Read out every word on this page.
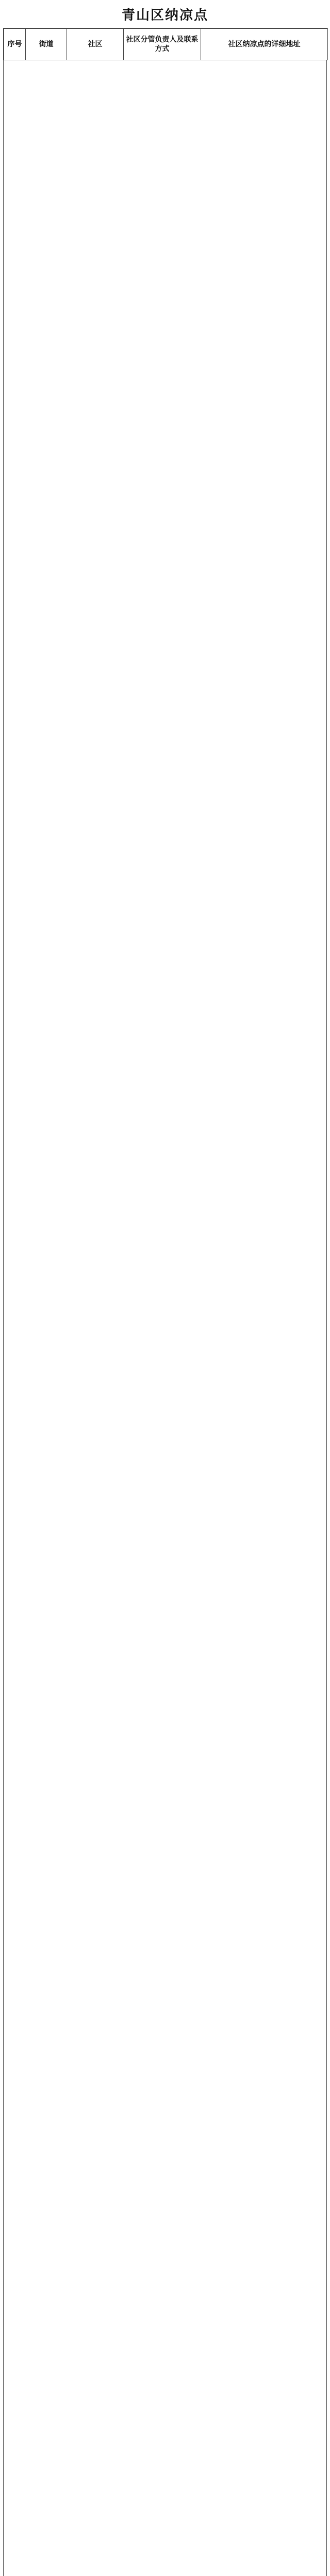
青山区纳凉点
序号	街道	社区	社区分管负责人及联系方式	社区纳凉点的详细地址
